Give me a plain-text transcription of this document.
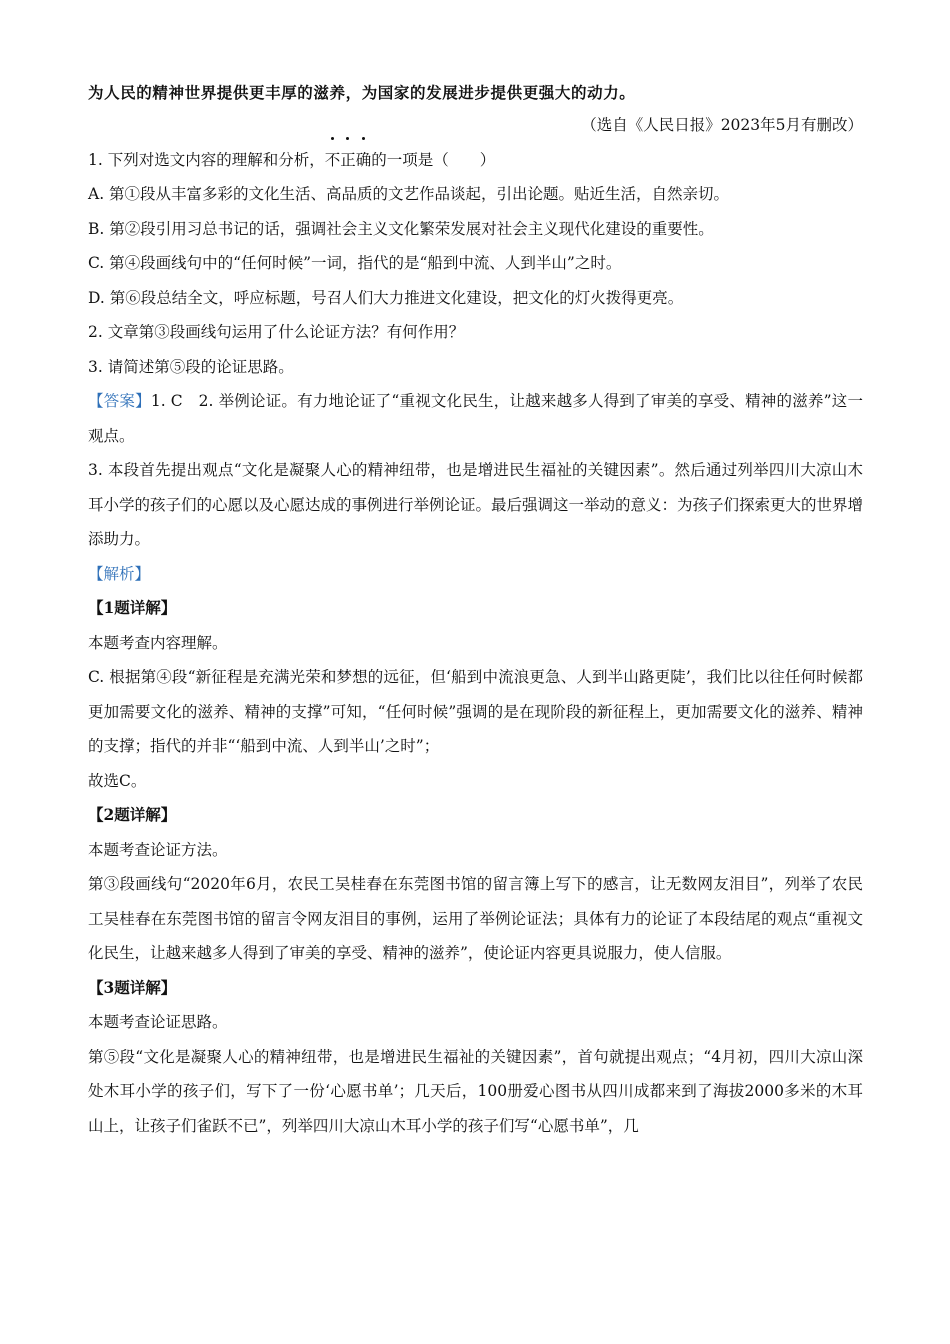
为人民的精神世界提供更丰厚的滋养，为国家的发展进步提供更强大的动力。
（选自《人民日报》2023年5月有删改）
1. 下列对选文内容的理解和分析，不正确
的一项是（　　）
A. 第①段从丰富多彩的文化生活、高品质的文艺作品谈起，引出论题。贴近生活，自然亲切。
B. 第②段引用习总书记的话，强调社会主义文化繁荣发展对社会主义现代化建设的重要性。
C. 第④段画线句中的“任何时候”一词，指代的是“船到中流、人到半山”之时。
D. 第⑥段总结全文，呼应标题，号召人们大力推进文化建设，把文化的灯火拨得更亮。
2. 文章第③段画线句运用了什么论证方法？有何作用？
3. 请简述第⑤段的论证思路。
【答案】1. C 2. 举例论证。有力地论证了“重视文化民生，让越来越多人得到了审美的享受、精神的滋养”这一观点。
3. 本段首先提出观点“文化是凝聚人心的精神纽带，也是增进民生福祉的关键因素”。然后通过列举四川大凉山木耳小学的孩子们的心愿以及心愿达成的事例进行举例论证。最后强调这一举动的意义：为孩子们探索更大的世界增添助力。
【解析】
【1题详解】
本题考查内容理解。
C. 根据第④段“新征程是充满光荣和梦想的远征，但‘船到中流浪更急、人到半山路更陡’，我们比以往任何时候都更加需要文化的滋养、精神的支撑”可知，“任何时候”强调的是在现阶段的新征程上，更加需要文化的滋养、精神的支撑；指代的并非“‘船到中流、人到半山’之时”；
故选C。
【2题详解】
本题考查论证方法。
第③段画线句“2020年6月，农民工吴桂春在东莞图书馆的留言簿上写下的感言，让无数网友泪目”，列举了农民工吴桂春在东莞图书馆的留言令网友泪目的事例，运用了举例论证法；具体有力的论证了本段结尾的观点“重视文化民生，让越来越多人得到了审美的享受、精神的滋养”，使论证内容更具说服力，使人信服。
【3题详解】
本题考查论证思路。
第⑤段“文化是凝聚人心的精神纽带，也是增进民生福祉的关键因素”，首句就提出观点；“4月初，四川大凉山深处木耳小学的孩子们，写下了一份‘心愿书单’；几天后，100册爱心图书从四川成都来到了海拔2000多米的木耳山上，让孩子们雀跃不已”，列举四川大凉山木耳小学的孩子们写“心愿书单”，几
